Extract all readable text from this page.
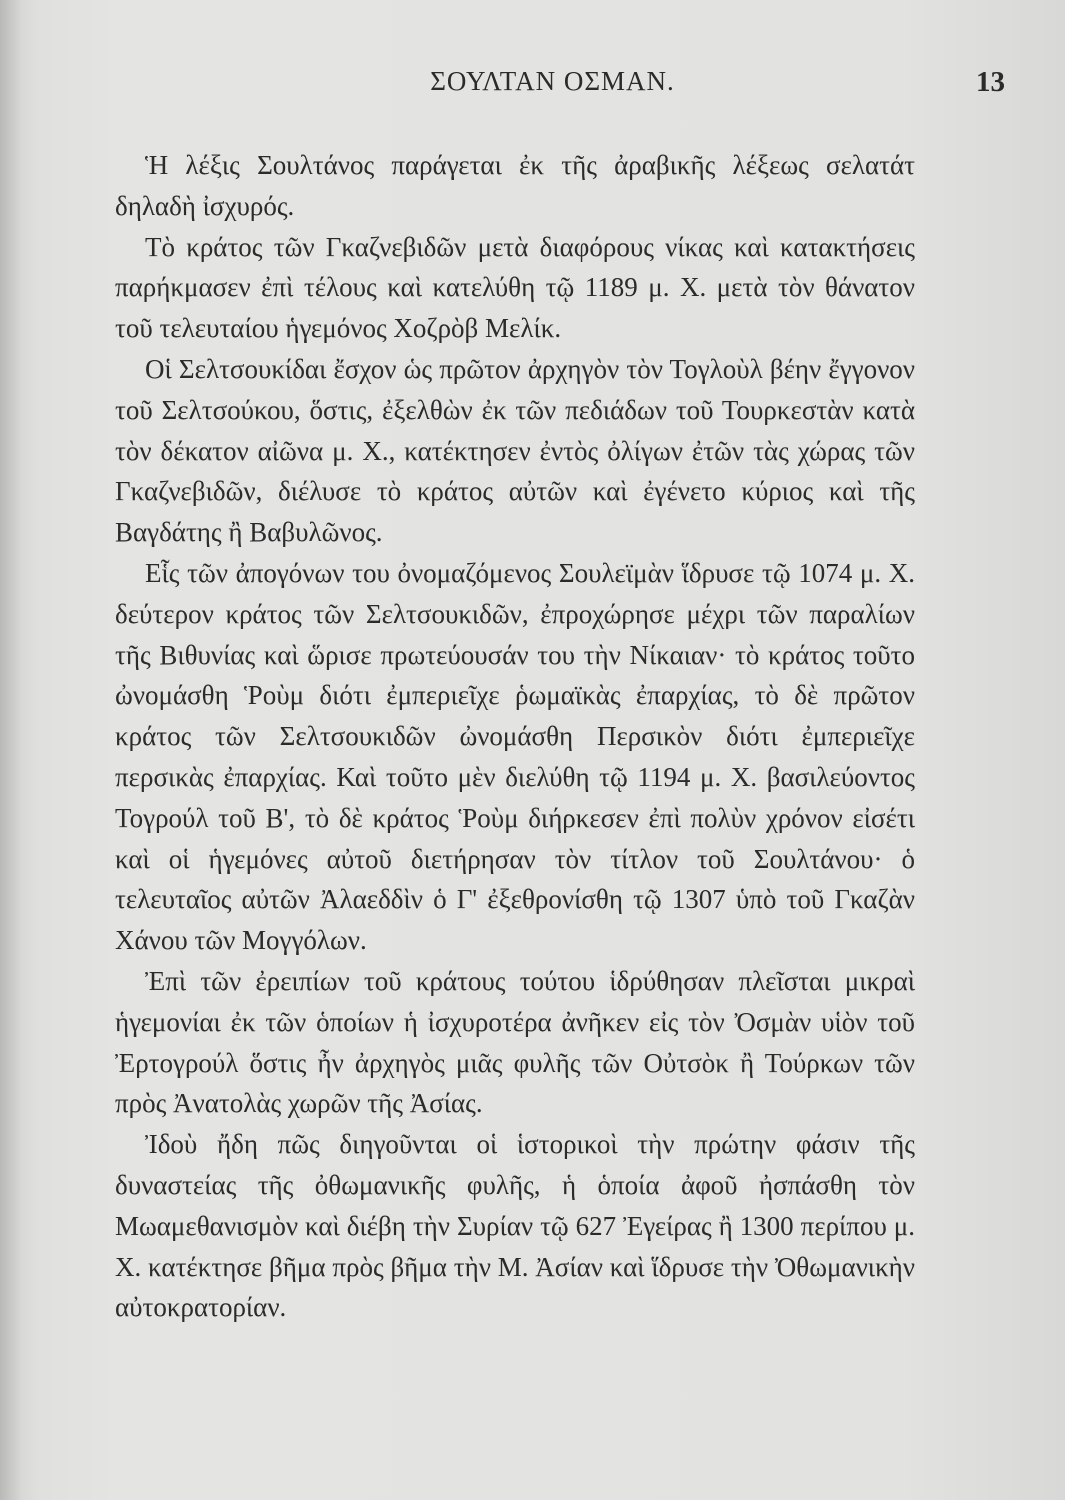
ΣΟΥΛΤΑΝ ΟΣΜΑΝ.	13

Ἡ λέξις Σουλτάνος παράγεται ἐκ τῆς ἀραβικῆς λέξεως σελατάτ δηλαδὴ ἰσχυρός.

Τὸ κράτος τῶν Γκαζνεβιδῶν μετὰ διαφόρους νίκας καὶ κατακτήσεις παρήκμασεν ἐπὶ τέλους καὶ κατελύθη τῷ 1189 μ. Χ. μετὰ τὸν θάνατον τοῦ τελευταίου ἡγεμόνος Χοζρὸβ Μελίκ.

Οἱ Σελτσουκίδαι ἔσχον ὡς πρῶτον ἀρχηγὸν τὸν Τογλοὺλ βέην ἔγγονον τοῦ Σελτσούκου, ὅστις, ἐξελθὼν ἐκ τῶν πεδιάδων τοῦ Τουρκεστὰν κατὰ τὸν δέκατον αἰῶνα μ. Χ., κατέκτησεν ἐντὸς ὀλίγων ἐτῶν τὰς χώρας τῶν Γκαζνεβιδῶν, διέλυσε τὸ κράτος αὐτῶν καὶ ἐγένετο κύριος καὶ τῆς Βαγδάτης ἢ Βαβυλῶνος.

Εἷς τῶν ἀπογόνων του ὀνομαζόμενος Σουλεϊμὰν ἵδρυσε τῷ 1074 μ. Χ. δεύτερον κράτος τῶν Σελτσουκιδῶν, ἐπροχώρησε μέχρι τῶν παραλίων τῆς Βιθυνίας καὶ ὥρισε πρωτεύουσάν του τὴν Νίκαιαν· τὸ κράτος τοῦτο ὠνομάσθη Ῥοὺμ διότι ἐμπεριεῖχε ῥωμαϊκὰς ἐπαρχίας, τὸ δὲ πρῶτον κράτος τῶν Σελτσουκιδῶν ὠνομάσθη Περσικὸν διότι ἐμπεριεῖχε περσικὰς ἐπαρχίας. Καὶ τοῦτο μὲν διελύθη τῷ 1194 μ. Χ. βασιλεύοντος Τογρούλ τοῦ Β', τὸ δὲ κράτος Ῥοὺμ διήρκεσεν ἐπὶ πολὺν χρόνον εἰσέτι καὶ οἱ ἡγεμόνες αὐτοῦ διετήρησαν τὸν τίτλον τοῦ Σουλτάνου· ὁ τελευταῖος αὐτῶν Ἀλαεδδὶν ὁ Γ' ἐξεθρονίσθη τῷ 1307 ὑπὸ τοῦ Γκαζὰν Χάνου τῶν Μογγόλων.

Ἐπὶ τῶν ἐρειπίων τοῦ κράτους τούτου ἱδρύθησαν πλεῖσται μικραὶ ἡγεμονίαι ἐκ τῶν ὁποίων ἡ ἰσχυροτέρα ἀνῆκεν εἰς τὸν Ὀσμὰν υἱὸν τοῦ Ἐρτογρούλ ὅστις ἦν ἀρχηγὸς μιᾶς φυλῆς τῶν Οὐτσὸκ ἢ Τούρκων τῶν πρὸς Ἀνατολὰς χωρῶν τῆς Ἀσίας.

Ἰδοὺ ἤδη πῶς διηγοῦνται οἱ ἱστορικοὶ τὴν πρώτην φάσιν τῆς δυναστείας τῆς ὀθωμανικῆς φυλῆς, ἡ ὁποία ἀφοῦ ἠσπάσθη τὸν Μωαμεθανισμὸν καὶ διέβη τὴν Συρίαν τῷ 627 Ἐγείρας ἢ 1300 περίπου μ. Χ. κατέκτησε βῆμα πρὸς βῆμα τὴν Μ. Ἀσίαν καὶ ἵδρυσε τὴν Ὀθωμανικὴν αὐτοκρατορίαν.
